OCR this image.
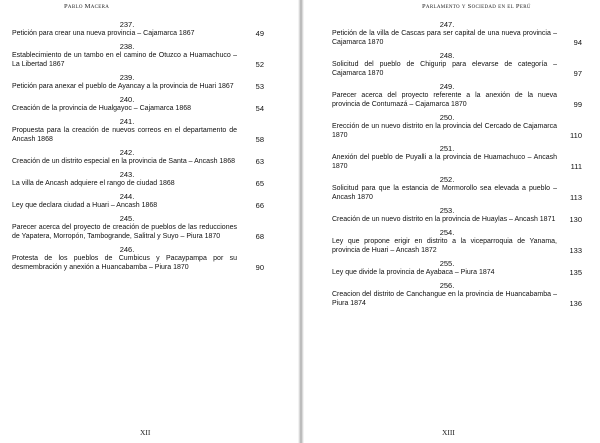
Pablo Macera
237.
Petición para crear una nueva provincia – Cajamarca 1867	49
238.
Establecimiento de un tambo en el camino de Otuzco a Huamachuco – La Libertad 1867	52
239.
Petición para anexar el pueblo de Ayancay a la provincia de Huari 1867	53
240.
Creación de la provincia de Hualgayoc – Cajamarca 1868	54
241.
Propuesta para la creación de nuevos correos en el departamento de Ancash 1868	58
242.
Creación de un distrito especial en la provincia de Santa – Ancash 1868	63
243.
La villa de Ancash adquiere el rango de ciudad 1868	65
244.
Ley que declara ciudad a Huari – Ancash 1868	66
245.
Parecer acerca del proyecto de creación de pueblos de las reducciones de Yapatera, Morropón, Tambogrande, Salitral y Suyo – Piura 1870	68
246.
Protesta de los pueblos de Cumbicus y Pacaypampa por su desmembración y anexión a Huancabamba – Piura 1870	90
XII
Parlamento y Sociedad en el Perú
247.
Petición de la villa de Cascas para ser capital de una nueva provincia – Cajamarca 1870	94
248.
Solicitud del pueblo de Chigurip para elevarse de categoría – Cajamarca 1870	97
249.
Parecer acerca del proyecto referente a la anexión de la nueva provincia de Contumazá – Cajamarca 1870	99
250.
Erección de un nuevo distrito en la provincia del Cercado de Cajamarca 1870	110
251.
Anexión del pueblo de Puyalli a la provincia de Huamachuco – Ancash 1870	111
252.
Solicitud para que la estancia de Mormorollo sea elevada a pueblo – Ancash 1870	113
253.
Creación de un nuevo distrito en la provincia de Huaylas – Ancash 1871	130
254.
Ley que propone erigir en distrito a la viceparroquia de Yanama, provincia de Huari – Ancash 1872	133
255.
Ley que divide la provincia de Ayabaca – Piura 1874	135
256.
Creacion del distrito de Canchangue en la provincia de Huancabamba – Piura 1874	136
XIII
